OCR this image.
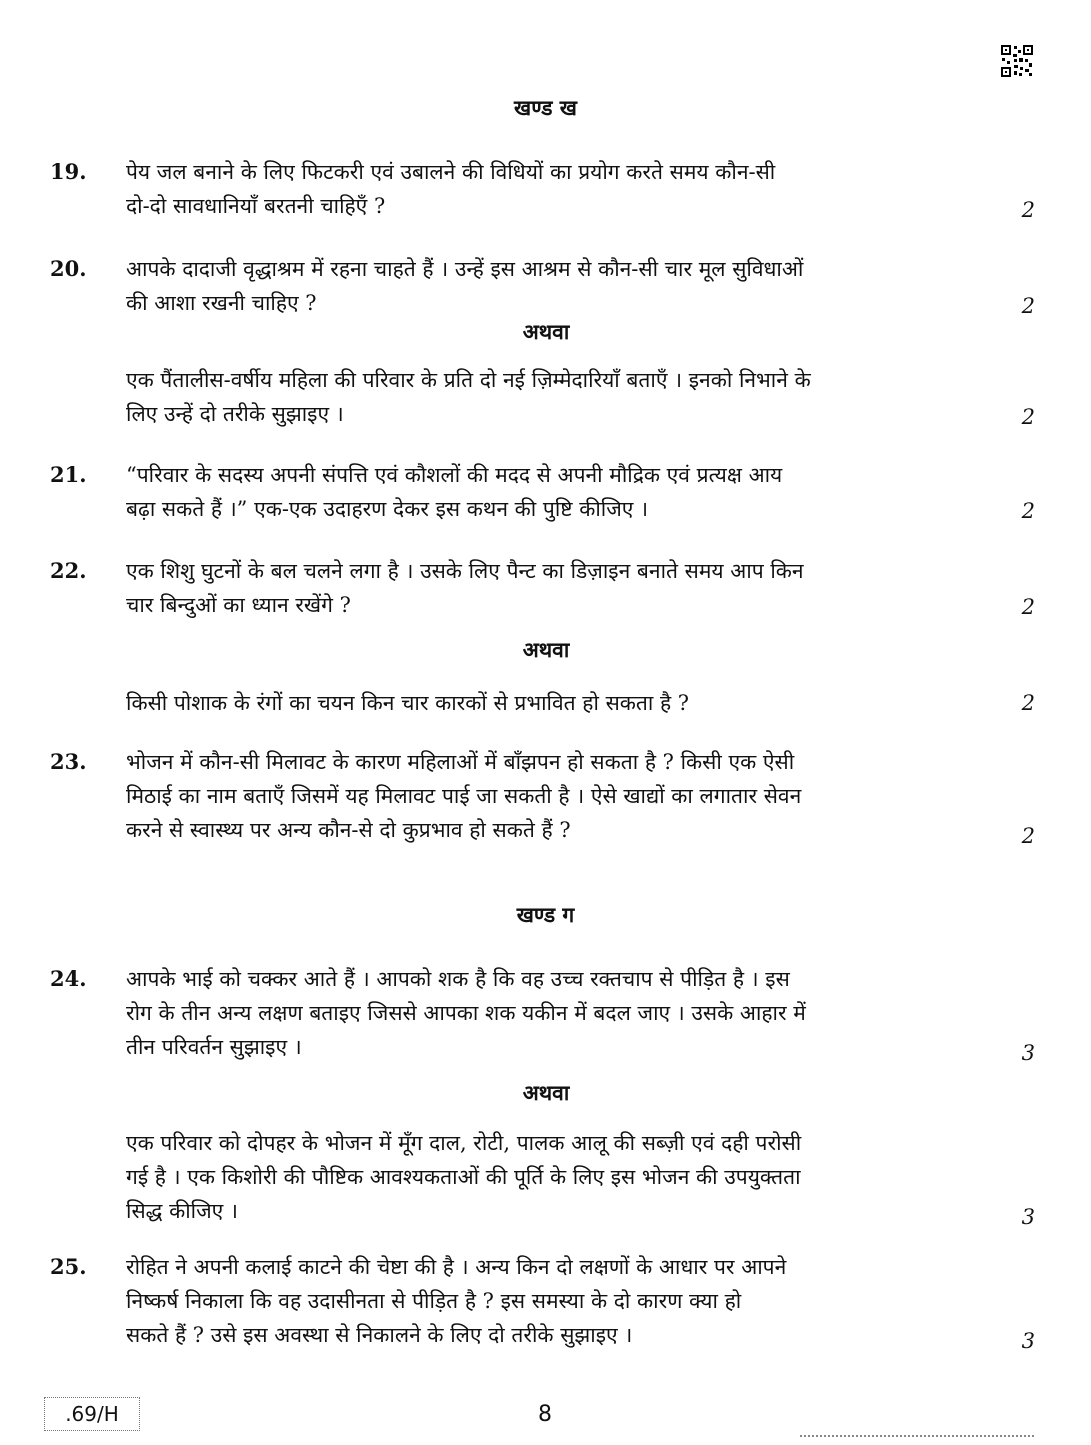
खण्ड ख
19.	पेय जल बनाने के लिए फिटकरी एवं उबालने की विधियों का प्रयोग करते समय कौन-सी
दो-दो सावधानियाँ बरतनी चाहिएँ ?	2
20.	आपके दादाजी वृद्धाश्रम में रहना चाहते हैं । उन्हें इस आश्रम से कौन-सी चार मूल सुविधाओं
की आशा रखनी चाहिए ?	2
अथवा
एक पैंतालीस-वर्षीय महिला की परिवार के प्रति दो नई ज़िम्मेदारियाँ बताएँ । इनको निभाने के
लिए उन्हें दो तरीके सुझाइए ।	2
21.	“परिवार के सदस्य अपनी संपत्ति एवं कौशलों की मदद से अपनी मौद्रिक एवं प्रत्यक्ष आय
बढ़ा सकते हैं ।” एक-एक उदाहरण देकर इस कथन की पुष्टि कीजिए ।	2
22.	एक शिशु घुटनों के बल चलने लगा है । उसके लिए पैन्ट का डिज़ाइन बनाते समय आप किन
चार बिन्दुओं का ध्यान रखेंगे ?	2
अथवा
किसी पोशाक के रंगों का चयन किन चार कारकों से प्रभावित हो सकता है ?	2
23.	भोजन में कौन-सी मिलावट के कारण महिलाओं में बाँझपन हो सकता है ? किसी एक ऐसी
मिठाई का नाम बताएँ जिसमें यह मिलावट पाई जा सकती है । ऐसे खाद्यों का लगातार सेवन
करने से स्वास्थ्य पर अन्य कौन-से दो कुप्रभाव हो सकते हैं ?	2
खण्ड ग
24.	आपके भाई को चक्कर आते हैं । आपको शक है कि वह उच्च रक्तचाप से पीड़ित है । इस
रोग के तीन अन्य लक्षण बताइए जिससे आपका शक यकीन में बदल जाए । उसके आहार में
तीन परिवर्तन सुझाइए ।	3
अथवा
एक परिवार को दोपहर के भोजन में मूँग दाल, रोटी, पालक आलू की सब्ज़ी एवं दही परोसी
गई है । एक किशोरी की पौष्टिक आवश्यकताओं की पूर्ति के लिए इस भोजन की उपयुक्तता
सिद्ध कीजिए ।	3
25.	रोहित ने अपनी कलाई काटने की चेष्टा की है । अन्य किन दो लक्षणों के आधार पर आपने
निष्कर्ष निकाला कि वह उदासीनता से पीड़ित है ? इस समस्या के दो कारण क्या हो
सकते हैं ? उसे इस अवस्था से निकालने के लिए दो तरीके सुझाइए ।	3
.69/H	8
